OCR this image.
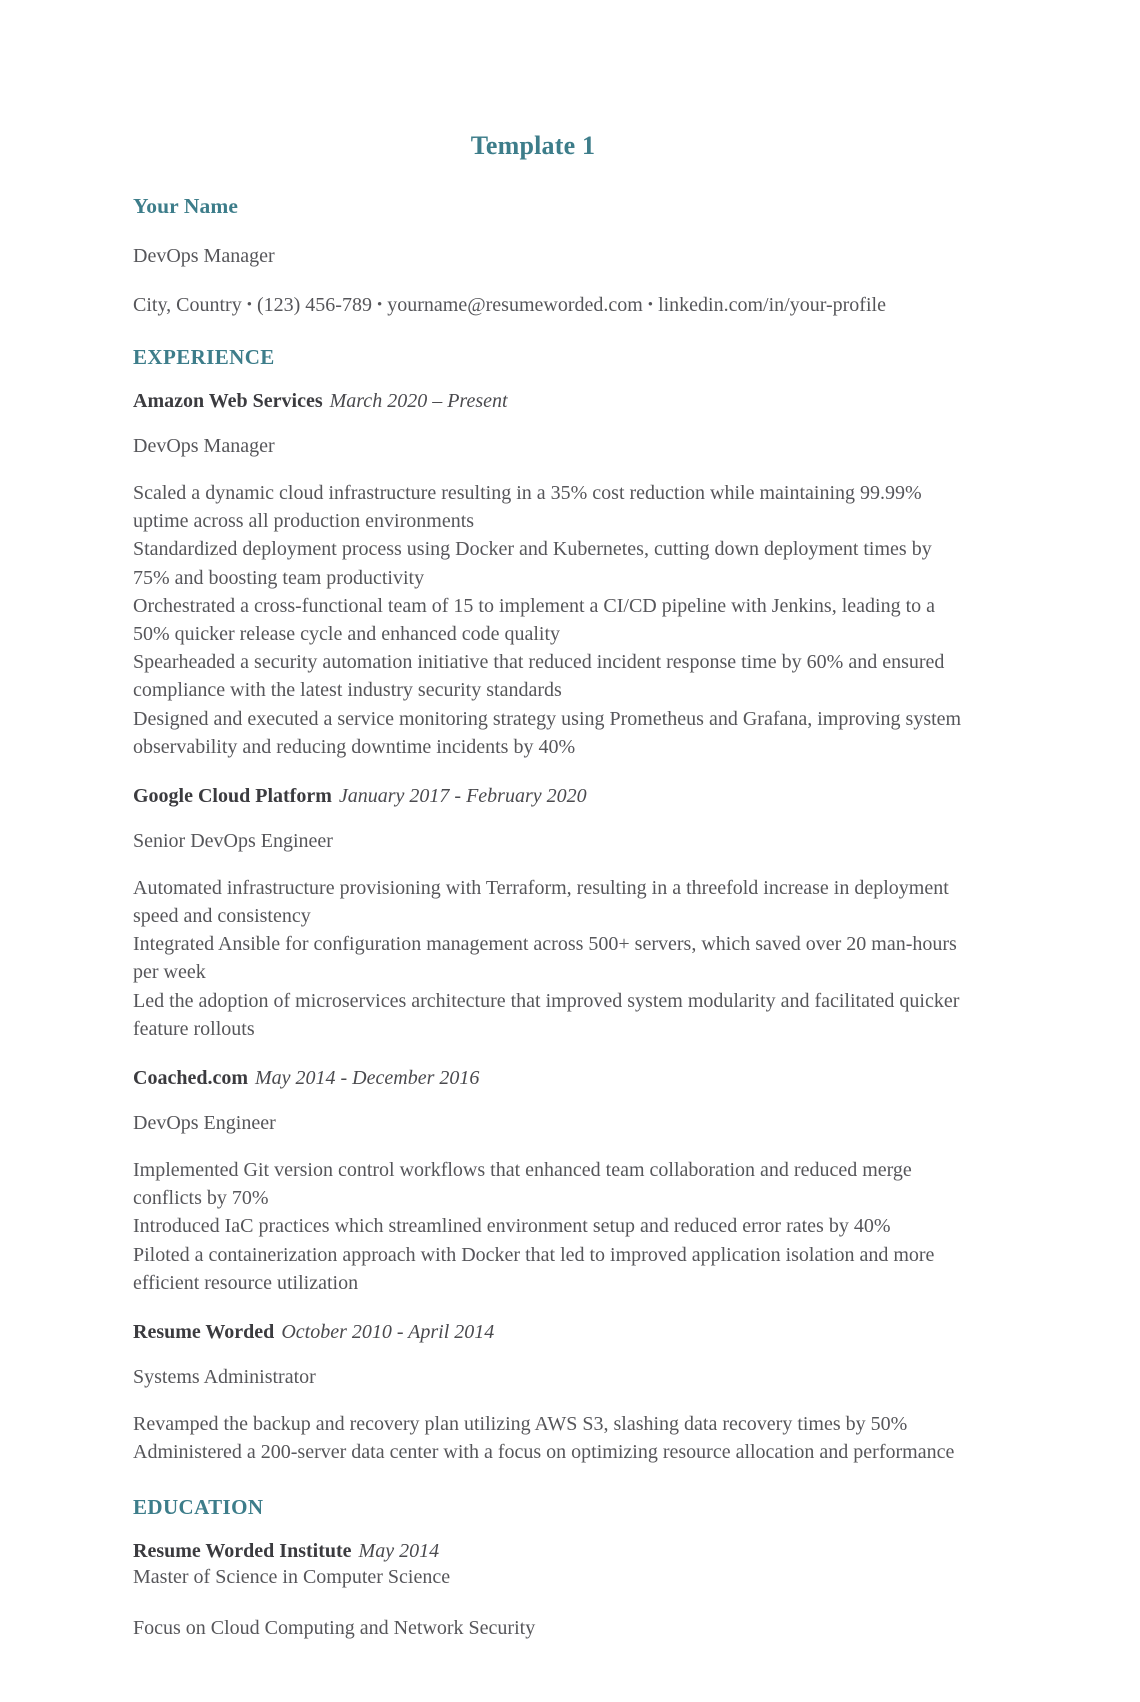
Template 1
Your Name
DevOps Manager
City, Country • (123) 456-789 • yourname@resumeworded.com • linkedin.com/in/your-profile
EXPERIENCE
Amazon Web Services March 2020 – Present
DevOps Manager

Scaled a dynamic cloud infrastructure resulting in a 35% cost reduction while maintaining 99.99% uptime across all production environments

Standardized deployment process using Docker and Kubernetes, cutting down deployment times by 75% and boosting team productivity

Orchestrated a cross-functional team of 15 to implement a CI/CD pipeline with Jenkins, leading to a 50% quicker release cycle and enhanced code quality

Spearheaded a security automation initiative that reduced incident response time by 60% and ensured compliance with the latest industry security standards

Designed and executed a service monitoring strategy using Prometheus and Grafana, improving system observability and reducing downtime incidents by 40%

Google Cloud Platform January 2017 - February 2020
Senior DevOps Engineer

Automated infrastructure provisioning with Terraform, resulting in a threefold increase in deployment speed and consistency

Integrated Ansible for configuration management across 500+ servers, which saved over 20 man-hours per week

Led the adoption of microservices architecture that improved system modularity and facilitated quicker feature rollouts

Coached.com May 2014 - December 2016
DevOps Engineer

Implemented Git version control workflows that enhanced team collaboration and reduced merge conflicts by 70%

Introduced IaC practices which streamlined environment setup and reduced error rates by 40%

Piloted a containerization approach with Docker that led to improved application isolation and more efficient resource utilization

Resume Worded October 2010 - April 2014
Systems Administrator

Revamped the backup and recovery plan utilizing AWS S3, slashing data recovery times by 50%

Administered a 200-server data center with a focus on optimizing resource allocation and performance

EDUCATION
Resume Worded Institute May 2014
Master of Science in Computer Science
Focus on Cloud Computing and Network Security
